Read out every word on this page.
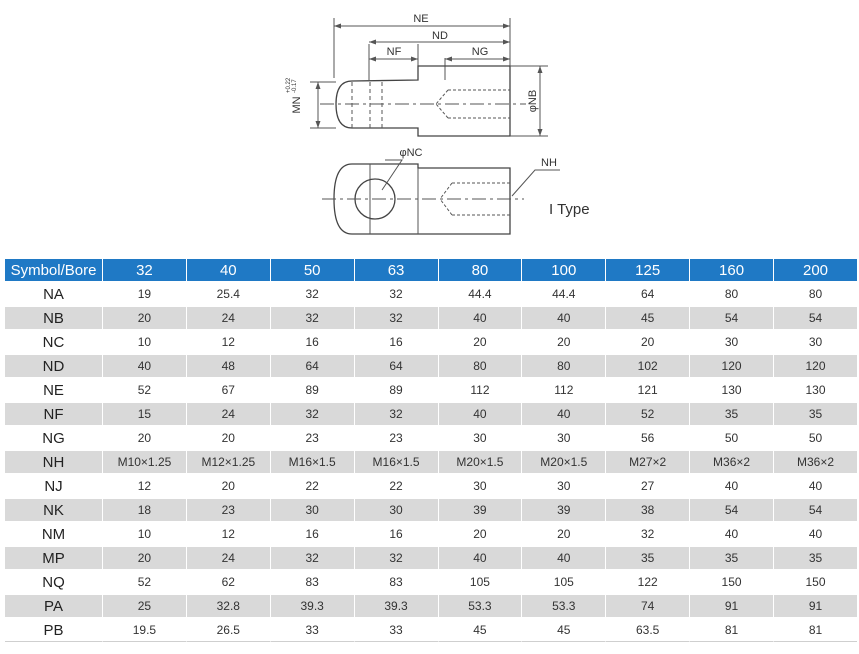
NE
ND
NF	NG
MN
+0.22 -0.17
φNB
φNC
NH
I Type
Symbol/Bore	32	40	50	63	80	100	125	160	200
NA	19	25.4	32	32	44.4	44.4	64	80	80
NB	20	24	32	32	40	40	45	54	54
NC	10	12	16	16	20	20	20	30	30
ND	40	48	64	64	80	80	102	120	120
NE	52	67	89	89	112	112	121	130	130
NF	15	24	32	32	40	40	52	35	35
NG	20	20	23	23	30	30	56	50	50
NH	M10×1.25	M12×1.25	M16×1.5	M16×1.5	M20×1.5	M20×1.5	M27×2	M36×2	M36×2
NJ	12	20	22	22	30	30	27	40	40
NK	18	23	30	30	39	39	38	54	54
NM	10	12	16	16	20	20	32	40	40
MP	20	24	32	32	40	40	35	35	35
NQ	52	62	83	83	105	105	122	150	150
PA	25	32.8	39.3	39.3	53.3	53.3	74	91	91
PB	19.5	26.5	33	33	45	45	63.5	81	81
